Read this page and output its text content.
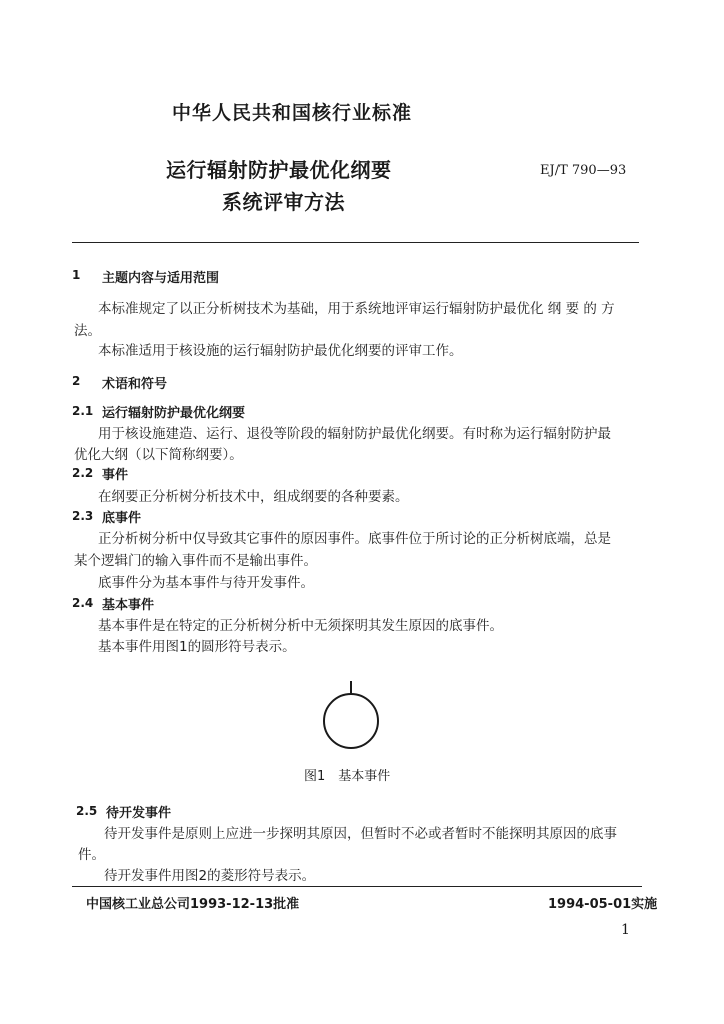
中华人民共和国核行业标准
运行辐射防护最优化纲要
系统评审方法
EJ/T 790—93
1 主题内容与适用范围
本标准规定了以正分析树技术为基础，用于系统地评审运行辐射防护最优化 纲 要 的 方
法。
本标准适用于核设施的运行辐射防护最优化纲要的评审工作。
2 术语和符号
2.1 运行辐射防护最优化纲要
用于核设施建造、运行、退役等阶段的辐射防护最优化纲要。有时称为运行辐射防护最
优化大纲（以下简称纲要）。
2.2 事件
在纲要正分析树分析技术中，组成纲要的各种要素。
2.3 底事件
正分析树分析中仅导致其它事件的原因事件。底事件位于所讨论的正分析树底端，总是
某个逻辑门的输入事件而不是输出事件。
底事件分为基本事件与待开发事件。
2.4 基本事件
基本事件是在特定的正分析树分析中无须探明其发生原因的底事件。
基本事件用图1的圆形符号表示。
图1　基本事件
2.5 待开发事件
待开发事件是原则上应进一步探明其原因，但暂时不必或者暂时不能探明其原因的底事
件。
待开发事件用图2的菱形符号表示。
中国核工业总公司1993-12-13批准	1994-05-01实施
1
